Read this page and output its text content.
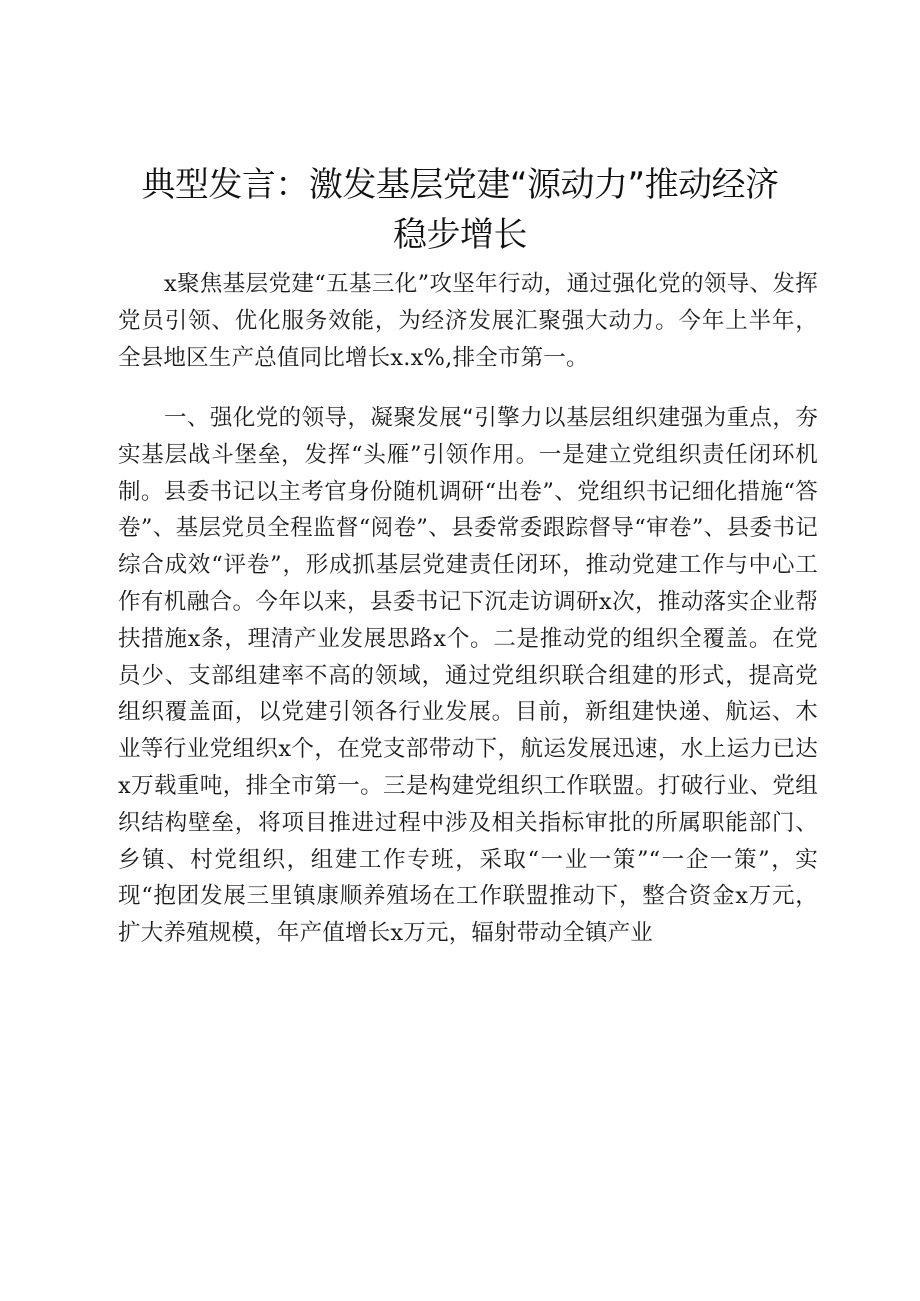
典型发言：激发基层党建“源动力”推动经济稳步增长

x聚焦基层党建“五基三化”攻坚年行动，通过强化党的领导、发挥党员引领、优化服务效能，为经济发展汇聚强大动力。今年上半年，全县地区生产总值同比增长x.x%,排全市第一。

一、强化党的领导，凝聚发展“引擎力以基层组织建强为重点，夯实基层战斗堡垒，发挥“头雁”引领作用。一是建立党组织责任闭环机制。县委书记以主考官身份随机调研“出卷”、党组织书记细化措施“答卷”、基层党员全程监督“阅卷”、县委常委跟踪督导“审卷”、县委书记综合成效“评卷”，形成抓基层党建责任闭环，推动党建工作与中心工作有机融合。今年以来，县委书记下沉走访调研x次，推动落实企业帮扶措施x条，理清产业发展思路x个。二是推动党的组织全覆盖。在党员少、支部组建率不高的领域，通过党组织联合组建的形式，提高党组织覆盖面，以党建引领各行业发展。目前，新组建快递、航运、木业等行业党组织x个，在党支部带动下，航运发展迅速，水上运力已达x万载重吨，排全市第一。三是构建党组织工作联盟。打破行业、党组织结构壁垒，将项目推进过程中涉及相关指标审批的所属职能部门、乡镇、村党组织，组建工作专班，采取“一业一策”“一企一策”，实现“抱团发展三里镇康顺养殖场在工作联盟推动下，整合资金x万元，扩大养殖规模，年产值增长x万元，辐射带动全镇产业
